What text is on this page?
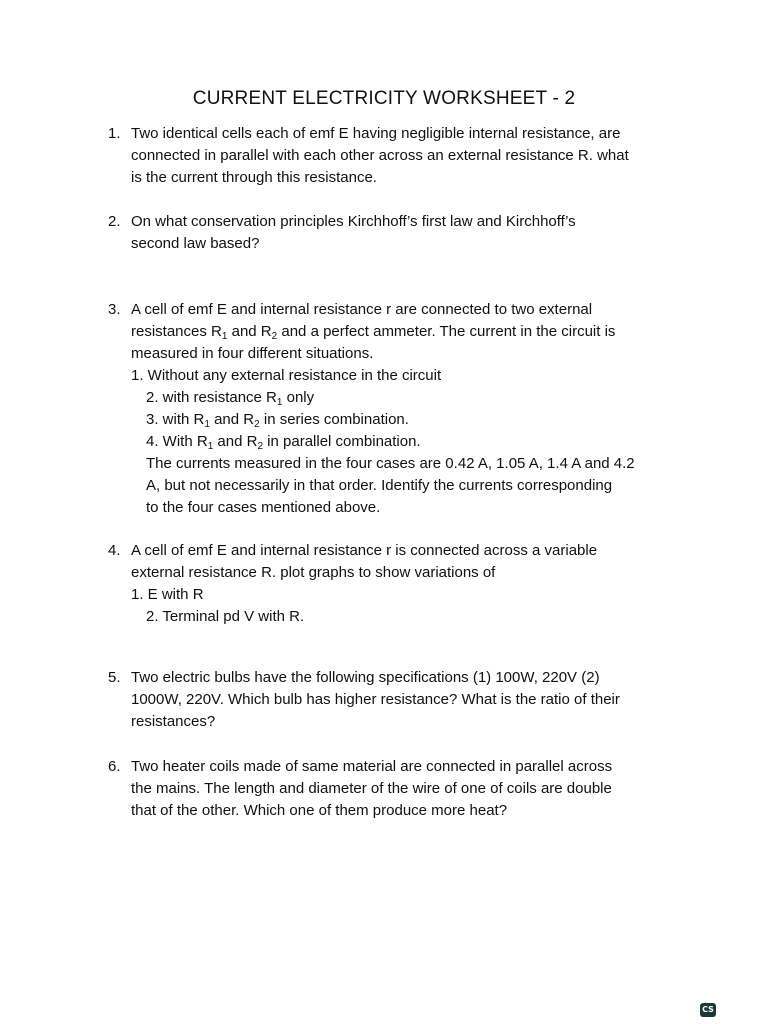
CURRENT ELECTRICITY WORKSHEET - 2
1. Two identical cells each of emf E having negligible internal resistance, are
connected in parallel with each other across an external resistance R. what
is the current through this resistance.
2. On what conservation principles Kirchhoff’s first law and Kirchhoff’s
second law based?
3. A cell of emf E and internal resistance r are connected to two external
resistances $R_1$ and $R_2$ and a perfect ammeter. The current in the circuit is
measured in four different situations.
1. Without any external resistance in the circuit
2. with resistance $R_1$ only
3. with $R_1$ and $R_2$ in series combination.
4. With $R_1$ and $R_2$ in parallel combination.
The currents measured in the four cases are 0.42 A, 1.05 A, 1.4 A and 4.2
A, but not necessarily in that order. Identify the currents corresponding
to the four cases mentioned above.
4. A cell of emf E and internal resistance r is connected across a variable
external resistance R. plot graphs to show variations of
1. E with R
2. Terminal pd V with R.
5. Two electric bulbs have the following specifications (1) 100W, 220V (2)
1000W, 220V. Which bulb has higher resistance? What is the ratio of their
resistances?
6. Two heater coils made of same material are connected in parallel across
the mains. The length and diameter of the wire of one of coils are double
that of the other. Which one of them produce more heat?
CS
